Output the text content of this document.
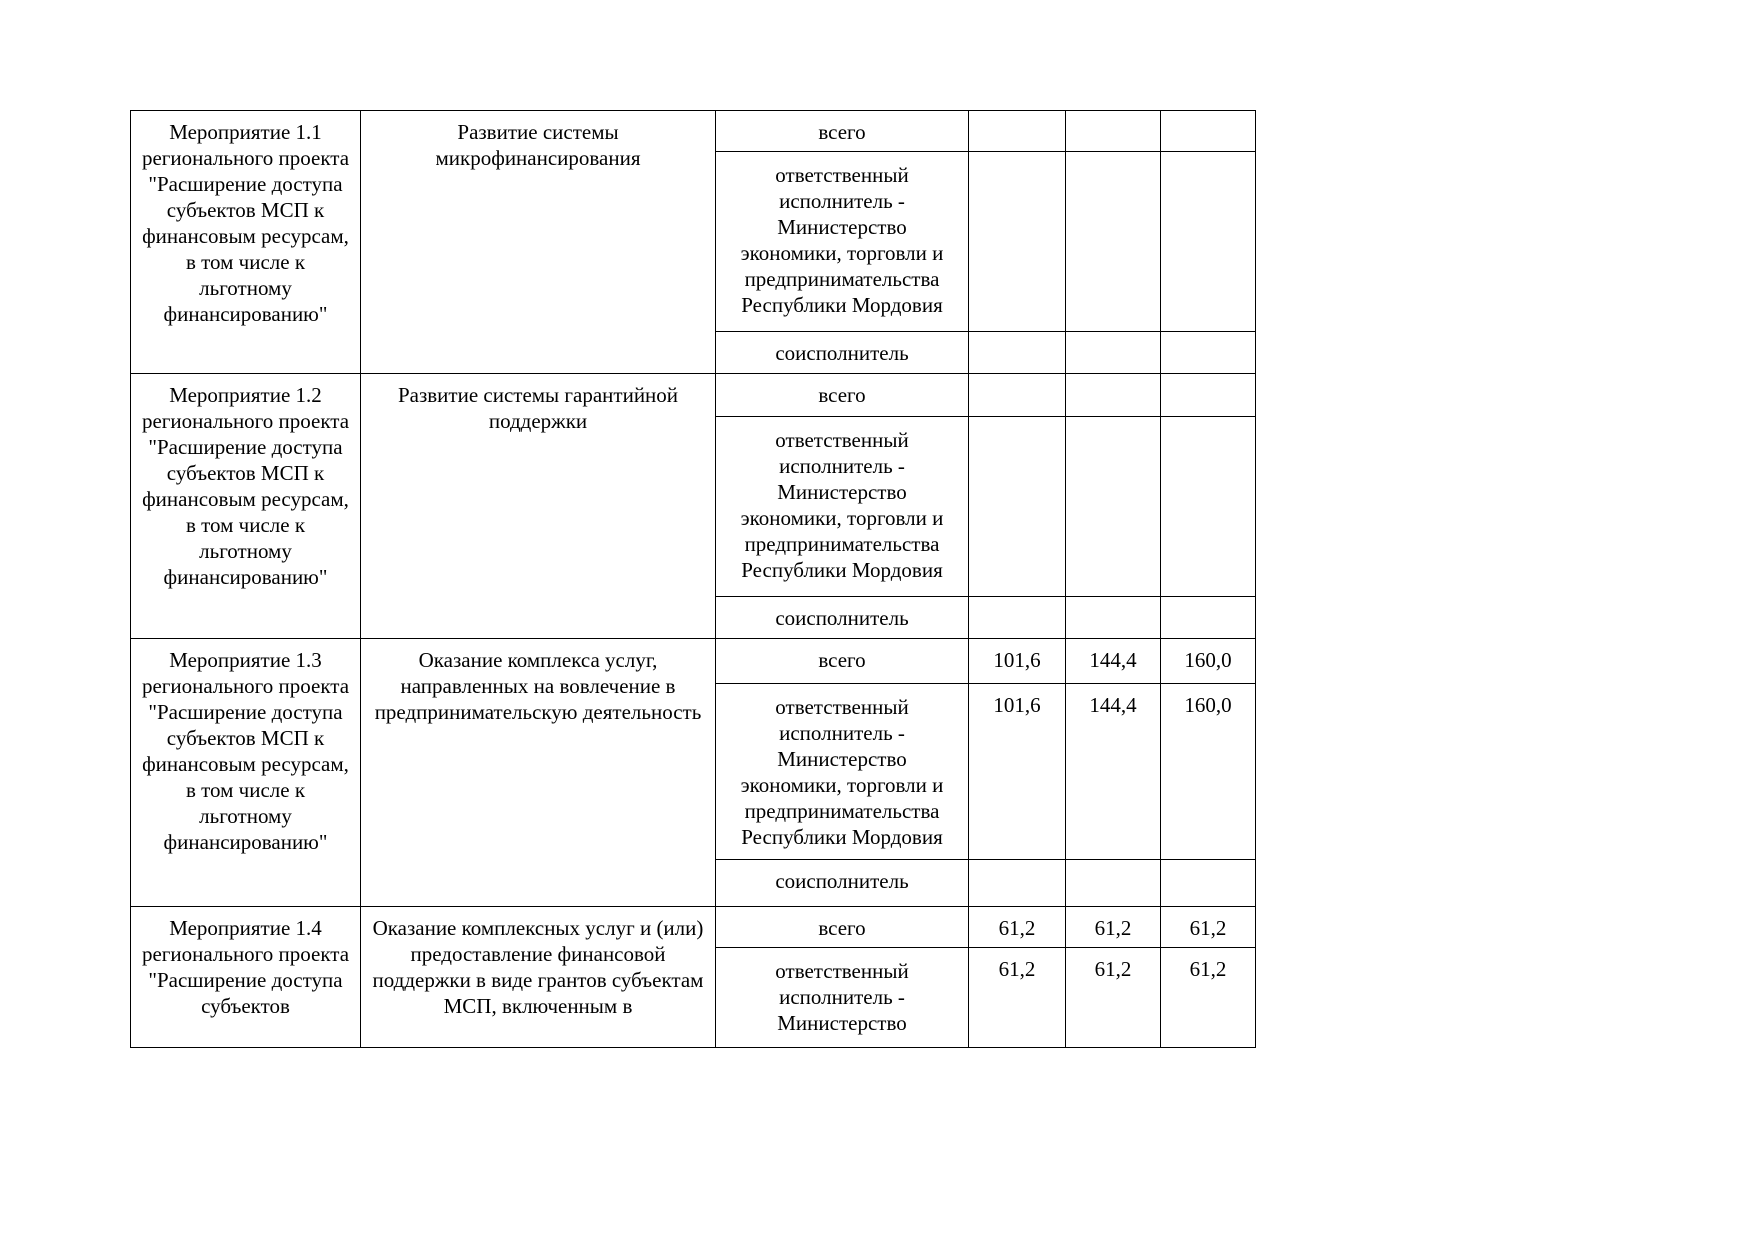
Мероприятие 1.1 регионального проекта "Расширение доступа субъектов МСП к финансовым ресурсам, в том числе к льготному финансированию"	Развитие системы микрофинансирования	всего			

		ответственный исполнитель - Министерство экономики, торговли и предпринимательства Республики Мордовия			

		соисполнитель			

Мероприятие 1.2 регионального проекта "Расширение доступа субъектов МСП к финансовым ресурсам, в том числе к льготному финансированию"	Развитие системы гарантийной поддержки	всего			

		ответственный исполнитель - Министерство экономики, торговли и предпринимательства Республики Мордовия			

		соисполнитель			

Мероприятие 1.3 регионального проекта "Расширение доступа субъектов МСП к финансовым ресурсам, в том числе к льготному финансированию"	Оказание комплекса услуг, направленных на вовлечение в предпринимательскую деятельность	всего	101,6	144,4	160,0

		ответственный исполнитель - Министерство экономики, торговли и предпринимательства Республики Мордовия	101,6	144,4	160,0

		соисполнитель			

Мероприятие 1.4 регионального проекта "Расширение доступа субъектов	Оказание комплексных услуг и (или) предоставление финансовой поддержки в виде грантов субъектам МСП, включенным в	всего	61,2	61,2	61,2

		ответственный исполнитель - Министерство	61,2	61,2	61,2
